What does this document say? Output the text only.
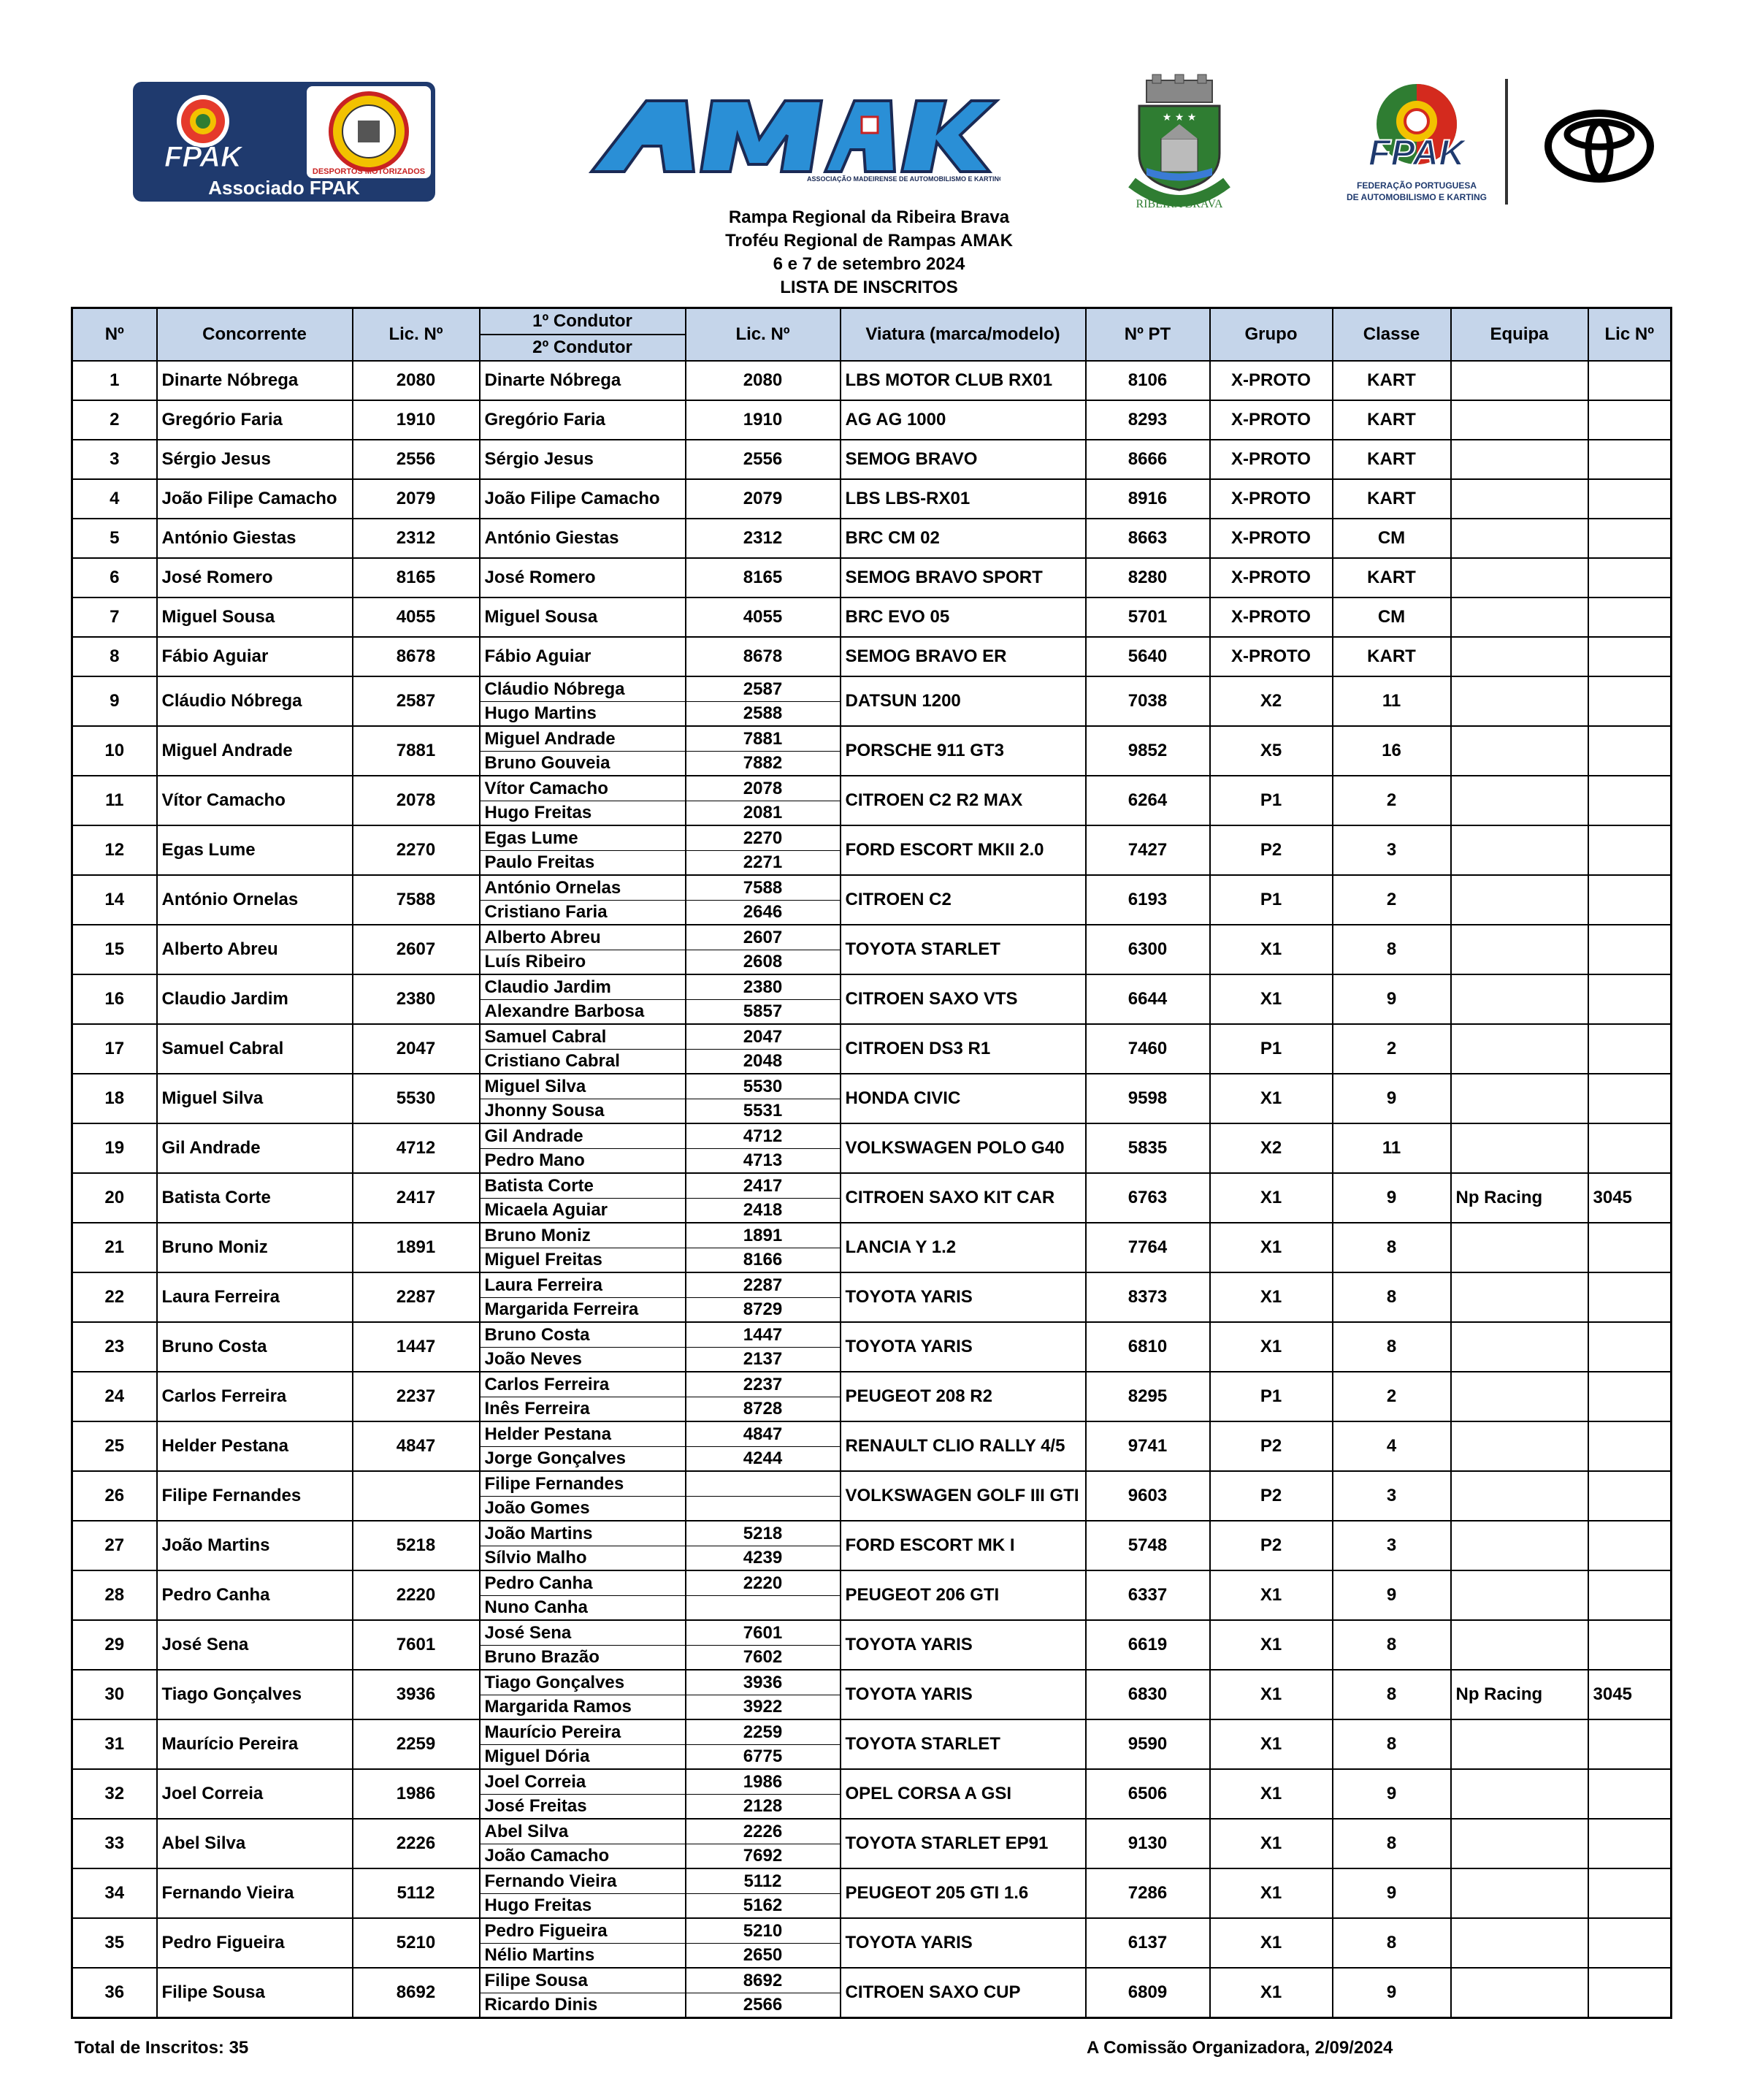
FPAK	DESPORTOS MOTORIZADOS
Associado FPAK	ASSOCIAÇÃO MADEIRENSE DE AUTOMOBILISMO E KARTING
★ ★ ★
RIBEIRA BRAVA
FPAK
FEDERAÇÃO PORTUGUESA
DE AUTOMOBILISMO E KARTING
Rampa Regional da Ribeira Brava
Troféu Regional de Rampas AMAK
6 e 7 de setembro 2024
LISTA DE INSCRITOS
Nº	Concorrente	Lic. Nº	1º Condutor	Lic. Nº	Viatura (marca/modelo)	Nº PT	Grupo	Classe	Equipa	Lic Nº
			2º Condutor							
1	Dinarte Nóbrega	2080	Dinarte Nóbrega	2080	LBS MOTOR CLUB RX01	8106	X-PROTO	KART		
2	Gregório Faria	1910	Gregório Faria	1910	AG AG 1000	8293	X-PROTO	KART		
3	Sérgio Jesus	2556	Sérgio Jesus	2556	SEMOG BRAVO	8666	X-PROTO	KART		
4	João Filipe Camacho	2079	João Filipe Camacho	2079	LBS LBS-RX01	8916	X-PROTO	KART		
5	António Giestas	2312	António Giestas	2312	BRC CM 02	8663	X-PROTO	CM		
6	José Romero	8165	José Romero	8165	SEMOG BRAVO SPORT	8280	X-PROTO	KART		
7	Miguel Sousa	4055	Miguel Sousa	4055	BRC EVO 05	5701	X-PROTO	CM		
8	Fábio Aguiar	8678	Fábio Aguiar	8678	SEMOG BRAVO ER	5640	X-PROTO	KART		
9	Cláudio Nóbrega	2587	Cláudio Nóbrega	2587	DATSUN 1200	7038	X2	11		
			Hugo Martins	2588						
10	Miguel Andrade	7881	Miguel Andrade	7881	PORSCHE 911 GT3	9852	X5	16		
			Bruno Gouveia	7882						
11	Vítor Camacho	2078	Vítor Camacho	2078	CITROEN C2 R2 MAX	6264	P1	2		
			Hugo Freitas	2081						
12	Egas Lume	2270	Egas Lume	2270	FORD ESCORT MKII 2.0	7427	P2	3		
			Paulo Freitas	2271						
14	António Ornelas	7588	António Ornelas	7588	CITROEN C2	6193	P1	2		
			Cristiano Faria	2646						
15	Alberto Abreu	2607	Alberto Abreu	2607	TOYOTA STARLET	6300	X1	8		
			Luís Ribeiro	2608						
16	Claudio Jardim	2380	Claudio Jardim	2380	CITROEN SAXO VTS	6644	X1	9		
			Alexandre Barbosa	5857						
17	Samuel Cabral	2047	Samuel Cabral	2047	CITROEN DS3 R1	7460	P1	2		
			Cristiano Cabral	2048						
18	Miguel Silva	5530	Miguel Silva	5530	HONDA CIVIC	9598	X1	9		
			Jhonny Sousa	5531						
19	Gil Andrade	4712	Gil Andrade	4712	VOLKSWAGEN POLO G40	5835	X2	11		
			Pedro Mano	4713						
20	Batista Corte	2417	Batista Corte	2417	CITROEN SAXO KIT CAR	6763	X1	9	Np Racing	3045
			Micaela Aguiar	2418						
21	Bruno Moniz	1891	Bruno Moniz	1891	LANCIA Y 1.2	7764	X1	8		
			Miguel Freitas	8166						
22	Laura Ferreira	2287	Laura Ferreira	2287	TOYOTA YARIS	8373	X1	8		
			Margarida Ferreira	8729						
23	Bruno Costa	1447	Bruno Costa	1447	TOYOTA YARIS	6810	X1	8		
			João Neves	2137						
24	Carlos Ferreira	2237	Carlos Ferreira	2237	PEUGEOT 208 R2	8295	P1	2		
			Inês Ferreira	8728						
25	Helder Pestana	4847	Helder Pestana	4847	RENAULT CLIO RALLY 4/5	9741	P2	4		
			Jorge Gonçalves	4244						
26	Filipe Fernandes		Filipe Fernandes		VOLKSWAGEN GOLF III GTI	9603	P2	3		
			João Gomes							
27	João Martins	5218	João Martins	5218	FORD ESCORT MK I	5748	P2	3		
			Sílvio Malho	4239						
28	Pedro Canha	2220	Pedro Canha	2220	PEUGEOT 206 GTI	6337	X1	9		
			Nuno Canha							
29	José Sena	7601	José Sena	7601	TOYOTA YARIS	6619	X1	8		
			Bruno Brazão	7602						
30	Tiago Gonçalves	3936	Tiago Gonçalves	3936	TOYOTA YARIS	6830	X1	8	Np Racing	3045
			Margarida Ramos	3922						
31	Maurício Pereira	2259	Maurício Pereira	2259	TOYOTA STARLET	9590	X1	8		
			Miguel Dória	6775						
32	Joel Correia	1986	Joel Correia	1986	OPEL CORSA A GSI	6506	X1	9		
			José Freitas	2128						
33	Abel Silva	2226	Abel Silva	2226	TOYOTA STARLET EP91	9130	X1	8		
			João Camacho	7692						
34	Fernando Vieira	5112	Fernando Vieira	5112	PEUGEOT 205 GTI 1.6	7286	X1	9		
			Hugo Freitas	5162						
35	Pedro Figueira	5210	Pedro Figueira	5210	TOYOTA YARIS	6137	X1	8		
			Nélio Martins	2650						
36	Filipe Sousa	8692	Filipe Sousa	8692	CITROEN SAXO CUP	6809	X1	9		
			Ricardo Dinis	2566						
Total de Inscritos: 35	A Comissão Organizadora, 2/09/2024
